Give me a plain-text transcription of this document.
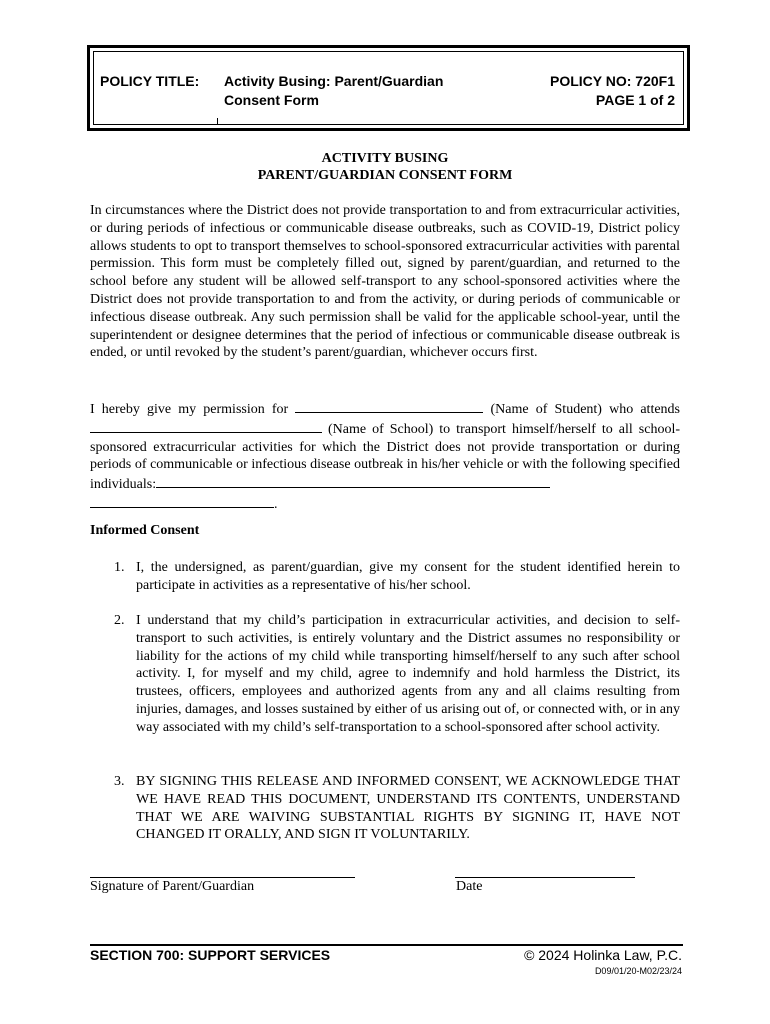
POLICY TITLE: Activity Busing: Parent/Guardian
Consent Form
POLICY NO: 720F1
PAGE 1 of 2
ACTIVITY BUSING
PARENT/GUARDIAN CONSENT FORM
In circumstances where the District does not provide transportation to and from extracurricular activities, or during periods of infectious or communicable disease outbreaks, such as COVID-19, District policy allows students to opt to transport themselves to school-sponsored extracurricular activities with parental permission. This form must be completely filled out, signed by parent/guardian, and returned to the school before any student will be allowed self-transport to any school-sponsored activities where the District does not provide transportation to and from the activity, or during periods of communicable or infectious disease outbreak. Any such permission shall be valid for the applicable school-year, until the superintendent or designee determines that the period of infectious or communicable disease outbreak is ended, or until revoked by the student’s parent/guardian, whichever occurs first.
I hereby give my permission for	(Name of Student) who attends (Name of School) to transport himself/herself to all school-sponsored extracurricular activities for which the District does not provide transportation or during periods of communicable or infectious disease outbreak in his/her vehicle or with the following specified individuals: .
Informed Consent
1. I, the undersigned, as parent/guardian, give my consent for the student identified herein to participate in activities as a representative of his/her school.
2. I understand that my child’s participation in extracurricular activities, and decision to self-transport to such activities, is entirely voluntary and the District assumes no responsibility or liability for the actions of my child while transporting himself/herself to any such after school activity. I, for myself and my child, agree to indemnify and hold harmless the District, its trustees, officers, employees and authorized agents from any and all claims resulting from injuries, damages, and losses sustained by either of us arising out of, or connected with, or in any way associated with my child’s self-transportation to a school-sponsored after school activity.
3. BY SIGNING THIS RELEASE AND INFORMED CONSENT, WE ACKNOWLEDGE THAT WE HAVE READ THIS DOCUMENT, UNDERSTAND ITS CONTENTS, UNDERSTAND THAT WE ARE WAIVING SUBSTANTIAL RIGHTS BY SIGNING IT, HAVE NOT CHANGED IT ORALLY, AND SIGN IT VOLUNTARILY.
Signature of Parent/Guardian	Date
SECTION 700: SUPPORT SERVICES	© 2024 Holinka Law, P.C.
D09/01/20-M02/23/24
